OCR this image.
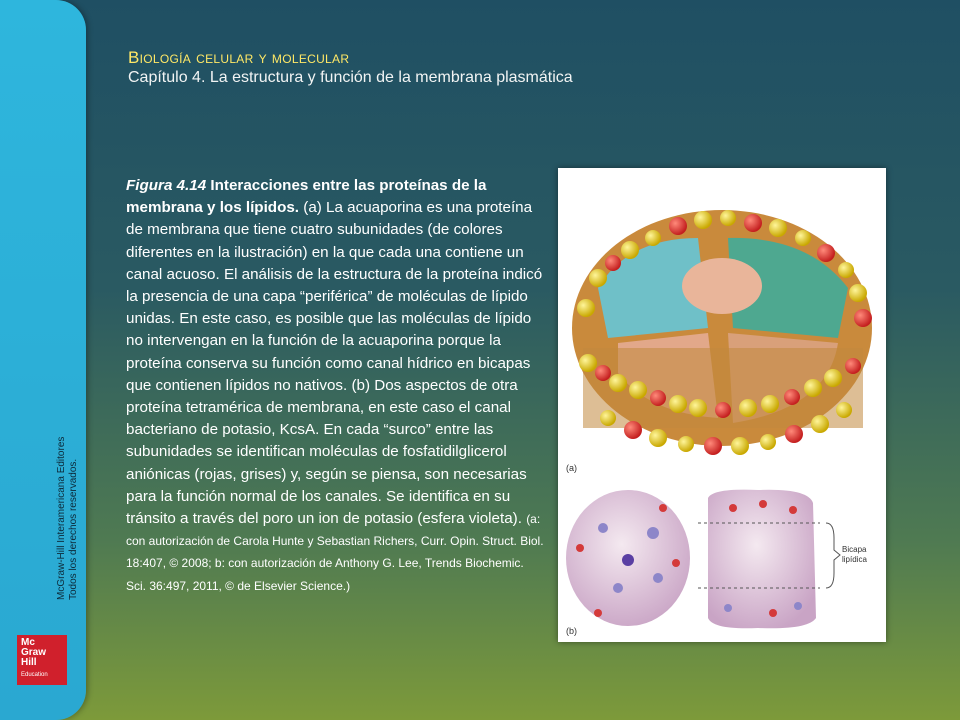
McGraw-Hill Interamericana Editores Todos los derechos reservados.
Mc
Graw
Hill
Education
Biología celular y molecular
Capítulo 4. La estructura y función de la membrana plasmática
Figura 4.14 Interacciones entre las proteínas de la membrana y los lípidos. (a) La acuaporina es una proteína de membrana que tiene cuatro subunidades (de colores diferentes en la ilustración) en la que cada una contiene un canal acuoso. El análisis de la estructura de la proteína indicó la presencia de una capa “periférica” de moléculas de lípido unidas. En este caso, es posible que las moléculas de lípido no intervengan en la función de la acuaporina porque la proteína conserva su función como canal hídrico en bicapas que contienen lípidos no nativos. (b) Dos aspectos de otra proteína tetramérica de membrana, en este caso el canal bacteriano de potasio, KcsA. En cada “surco” entre las subunidades se identifican moléculas de fosfatidilglicerol aniónicas (rojas, grises) y, según se piensa, son necesarias para la función normal de los canales. Se identifica en su tránsito a través del poro un ion de potasio (esfera violeta). (a: con autorización de Carola Hunte y Sebastian Richers, Curr. Opin. Struct. Biol. 18:407, © 2008; b: con autorización de Anthony G. Lee, Trends Biochemic. Sci. 36:497, 2011, © de Elsevier Science.)
(a)
Bicapa
lipídica
(b)
